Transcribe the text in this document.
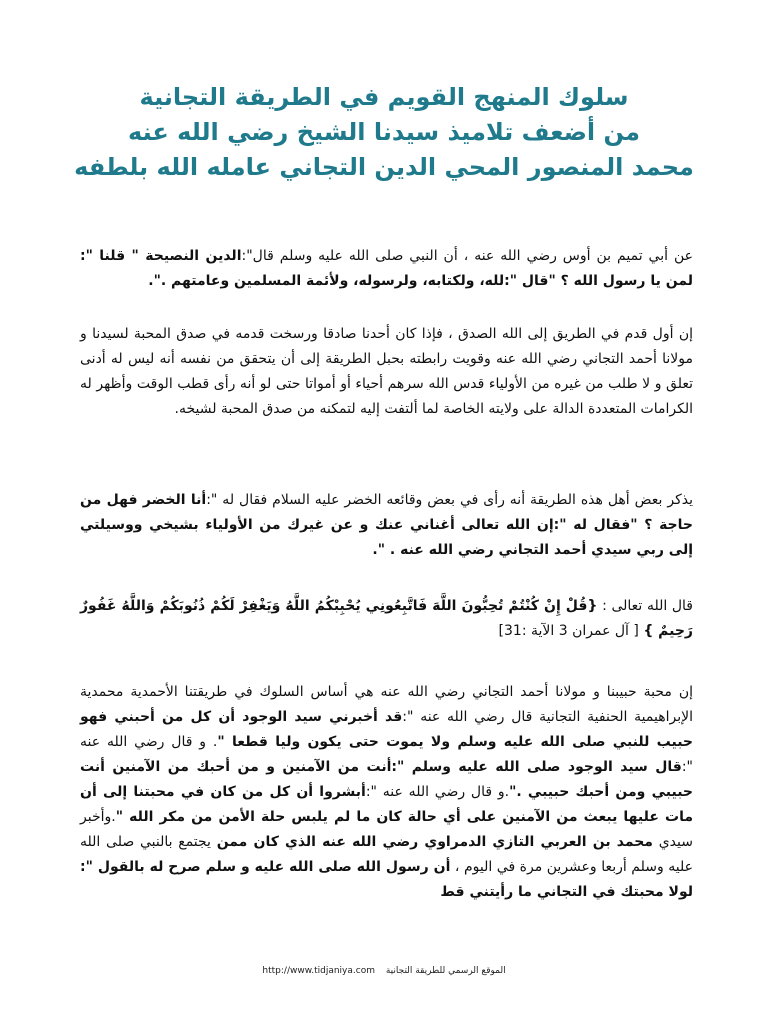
سلوك المنهج القويم في الطريقة التجانية
من أضعف تلاميذ سيدنا الشيخ رضي الله عنه
محمد المنصور المحي الدين التجاني عامله الله بلطفه
عن أبي تميم بن أوس رضي الله عنه ، أن النبي صلى الله عليه وسلم قال":الدين النصيحة " قلنا ": لمن يا رسول الله ؟ "قال ":لله، ولكتابه، ولرسوله، ولأئمة المسلمين وعامتهم .".
إن أول قدم في الطريق إلى الله الصدق ، فإذا كان أحدنا صادقا ورسخت قدمه في صدق المحبة لسيدنا و مولانا أحمد التجاني رضي الله عنه وقويت رابطته بحبل الطريقة إلى أن يتحقق من نفسه أنه ليس له أدنى تعلق و لا طلب من غيره من الأولياء قدس الله سرهم أحياء أو أمواتا حتى لو أنه رأى قطب الوقت وأظهر له الكرامات المتعددة الدالة على ولايته الخاصة لما ألتفت إليه لتمكنه من صدق المحبة لشيخه.
يذكر بعض أهل هذه الطريقة أنه رأى في بعض وقائعه الخضر عليه السلام فقال له ":أنا الخضر فهل من حاجة ؟ "فقال له ":إن الله تعالى أغناني عنك و عن غيرك من الأولياء بشيخي ووسيلتي إلى ربي سيدي أحمد التجاني رضي الله عنه . ".
قال الله تعالى : {قُلْ إِنْ كُنْتُمْ تُحِبُّونَ اللَّهَ فَاتَّبِعُونِي يُحْبِبْكُمُ اللَّهُ وَيَغْفِرْ لَكُمْ ذُنُوبَكُمْ وَاللَّهُ غَفُورٌ رَحِيمٌ } [ آل عمران 3 الآية :31]
إن محبة حبيبنا و مولانا أحمد التجاني رضي الله عنه هي أساس السلوك في طريقتنا الأحمدية محمدية الإبراهيمية الحنفية التجانية قال رضي الله عنه ":قد أخبرني سيد الوجود أن كل من أحبني فهو حبيب للنبي صلى الله عليه وسلم ولا يموت حتى يكون وليا قطعا ". و قال رضي الله عنه ":قال سيد الوجود صلى الله عليه وسلم ":أنت من الآمنين و من أحبك من الآمنين أنت حبيبي ومن أحبك حبيبي .".و قال رضي الله عنه ":أبشروا أن كل من كان في محبتنا إلى أن مات عليها يبعث من الآمنين على أي حالة كان ما لم يلبس حلة الأمن من مكر الله ".وأخبر سيدي محمد بن العربي التازي الدمراوي رضي الله عنه الذي كان ممن يجتمع بالنبي صلى الله عليه وسلم أربعا وعشرين مرة في اليوم ، أن رسول الله صلى الله عليه و سلم صرح له بالقول ": لولا محبتك في التجاني ما رأيتني قط
http://www.tidjaniya.com الموقع الرسمي للطريقة التجانية
